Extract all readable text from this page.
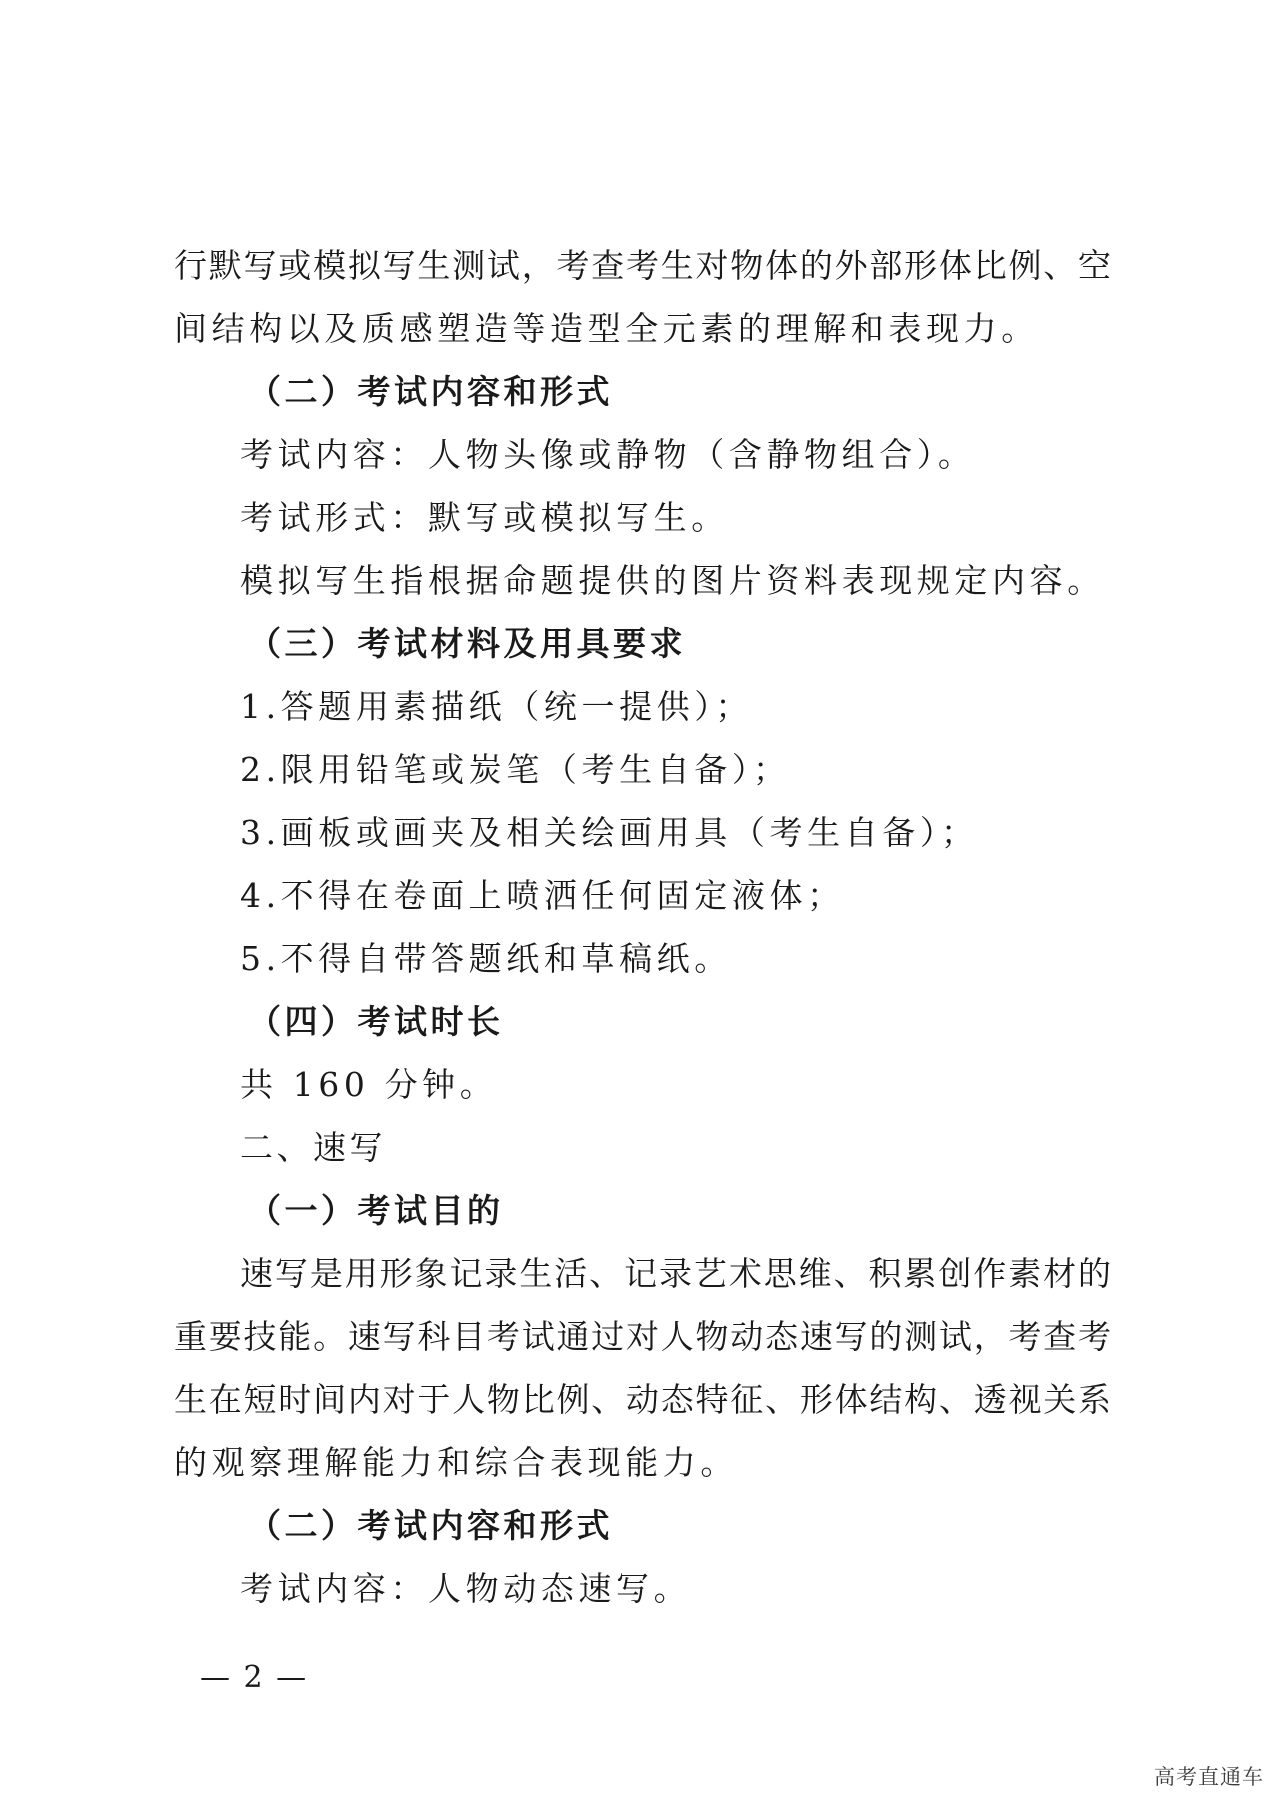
行默写或模拟写生测试，考查考生对物体的外部形体比例、空
间结构以及质感塑造等造型全元素的理解和表现力。
（二）考试内容和形式
考试内容：人物头像或静物（含静物组合）。
考试形式：默写或模拟写生。
模拟写生指根据命题提供的图片资料表现规定内容。
（三）考试材料及用具要求
1.答题用素描纸（统一提供）；
2.限用铅笔或炭笔（考生自备）；
3.画板或画夹及相关绘画用具（考生自备）；
4.不得在卷面上喷洒任何固定液体；
5.不得自带答题纸和草稿纸。
（四）考试时长
共 160 分钟。
二、速写
（一）考试目的
速写是用形象记录生活、记录艺术思维、积累创作素材的
重要技能。速写科目考试通过对人物动态速写的测试，考查考
生在短时间内对于人物比例、动态特征、形体结构、透视关系
的观察理解能力和综合表现能力。
（二）考试内容和形式
考试内容：人物动态速写。
— 2 —
高考直通车
